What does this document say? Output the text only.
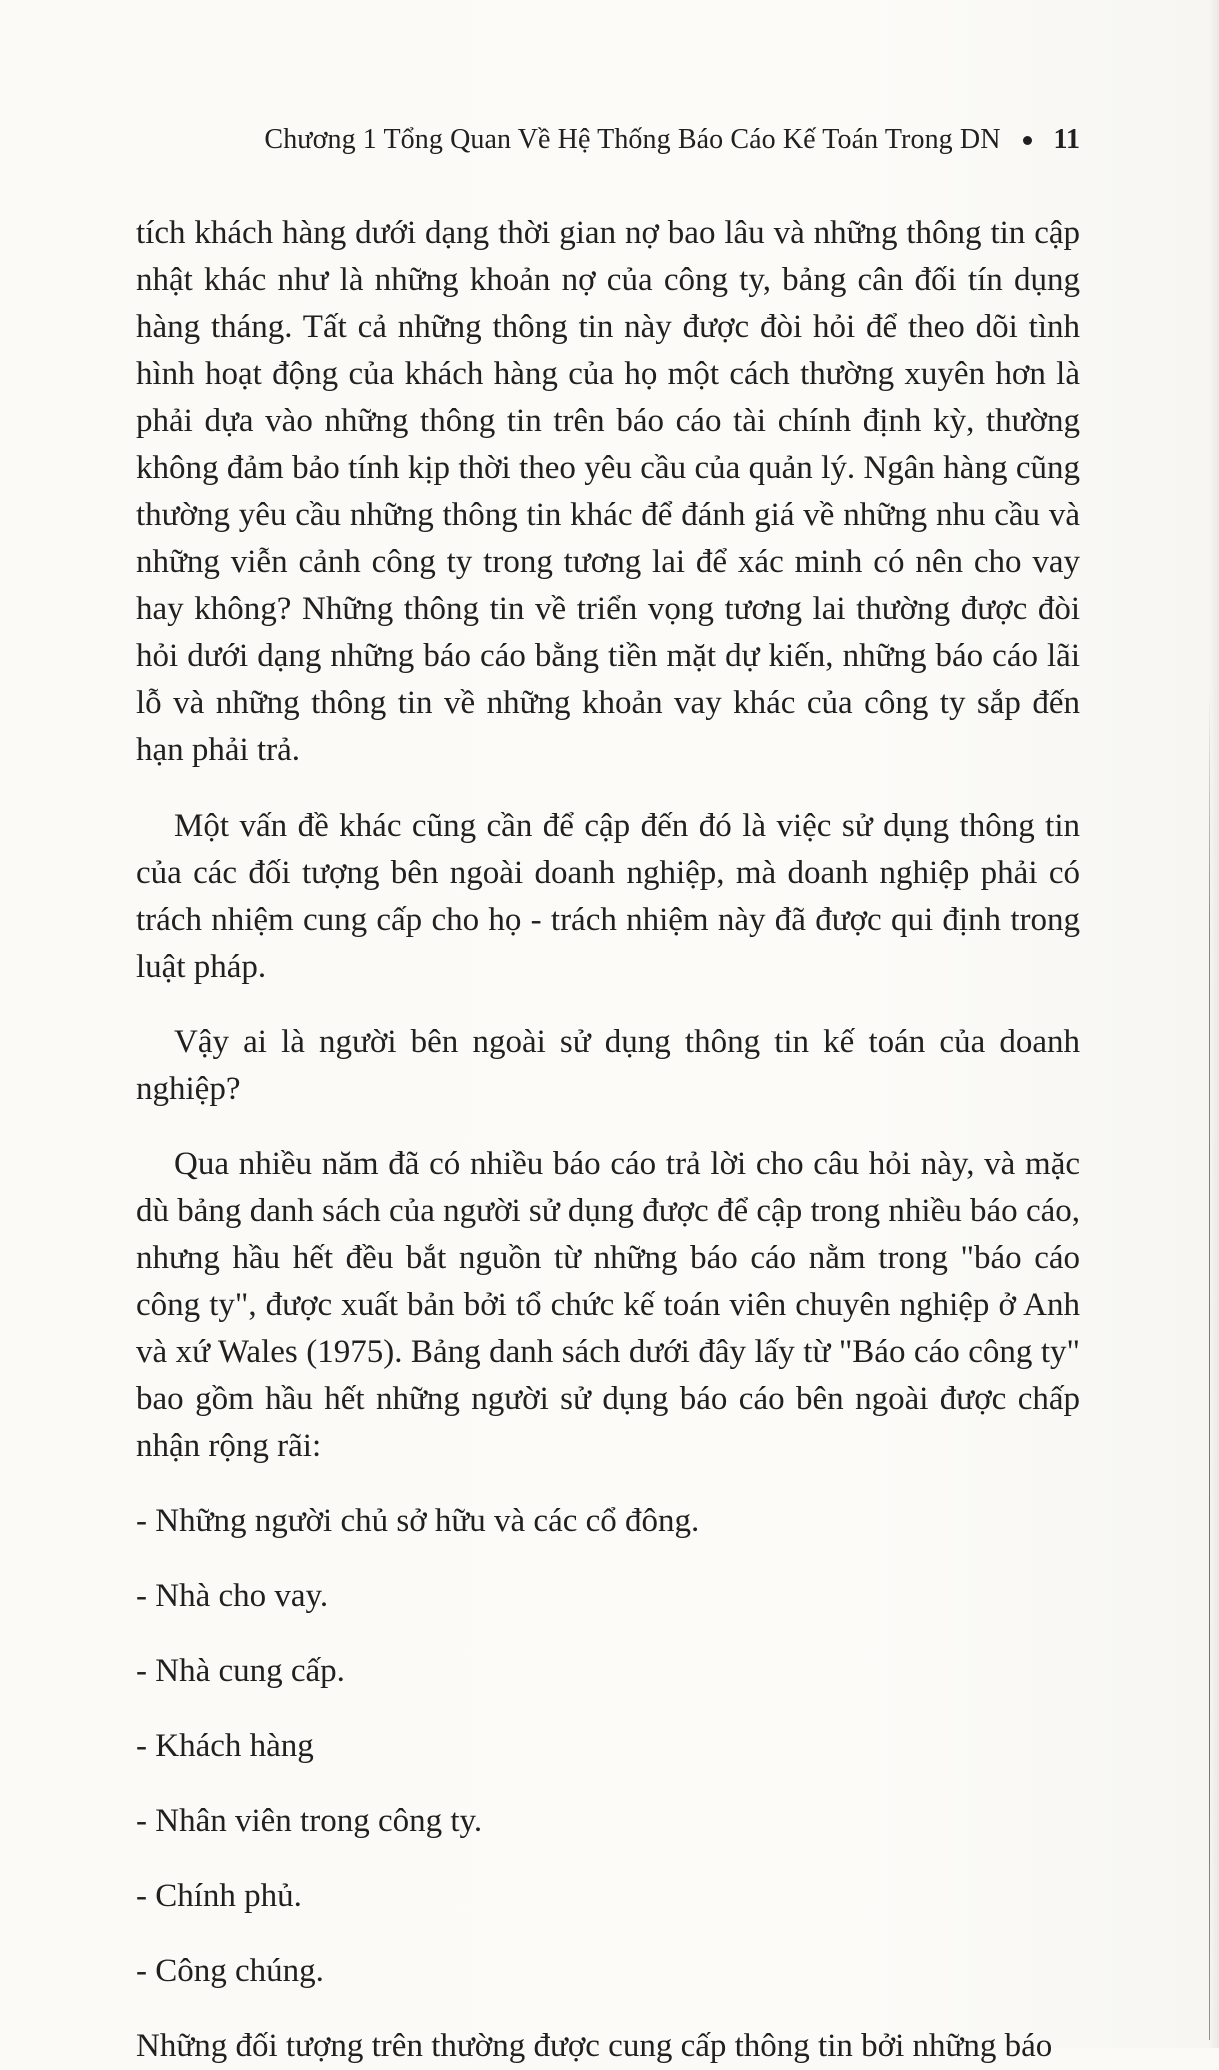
Chương 1 Tổng Quan Về Hệ Thống Báo Cáo Kế Toán Trong DN 11

tích khách hàng dưới dạng thời gian nợ bao lâu và những thông tin cập nhật khác như là những khoản nợ của công ty, bảng cân đối tín dụng hàng tháng. Tất cả những thông tin này được đòi hỏi để theo dõi tình hình hoạt động của khách hàng của họ một cách thường xuyên hơn là phải dựa vào những thông tin trên báo cáo tài chính định kỳ, thường không đảm bảo tính kịp thời theo yêu cầu của quản lý. Ngân hàng cũng thường yêu cầu những thông tin khác để đánh giá về những nhu cầu và những viễn cảnh công ty trong tương lai để xác minh có nên cho vay hay không? Những thông tin về triển vọng tương lai thường được đòi hỏi dưới dạng những báo cáo bằng tiền mặt dự kiến, những báo cáo lãi lỗ và những thông tin về những khoản vay khác của công ty sắp đến hạn phải trả.

Một vấn đề khác cũng cần để cập đến đó là việc sử dụng thông tin của các đối tượng bên ngoài doanh nghiệp, mà doanh nghiệp phải có trách nhiệm cung cấp cho họ - trách nhiệm này đã được qui định trong luật pháp.

Vậy ai là người bên ngoài sử dụng thông tin kế toán của doanh nghiệp?

Qua nhiều năm đã có nhiều báo cáo trả lời cho câu hỏi này, và mặc dù bảng danh sách của người sử dụng được để cập trong nhiều báo cáo, nhưng hầu hết đều bắt nguồn từ những báo cáo nằm trong "báo cáo công ty", được xuất bản bởi tổ chức kế toán viên chuyên nghiệp ở Anh và xứ Wales (1975). Bảng danh sách dưới đây lấy từ "Báo cáo công ty" bao gồm hầu hết những người sử dụng báo cáo bên ngoài được chấp nhận rộng rãi:

- Những người chủ sở hữu và các cổ đông.
- Nhà cho vay.
- Nhà cung cấp.
- Khách hàng
- Nhân viên trong công ty.
- Chính phủ.
- Công chúng.

Những đối tượng trên thường được cung cấp thông tin bởi những báo
